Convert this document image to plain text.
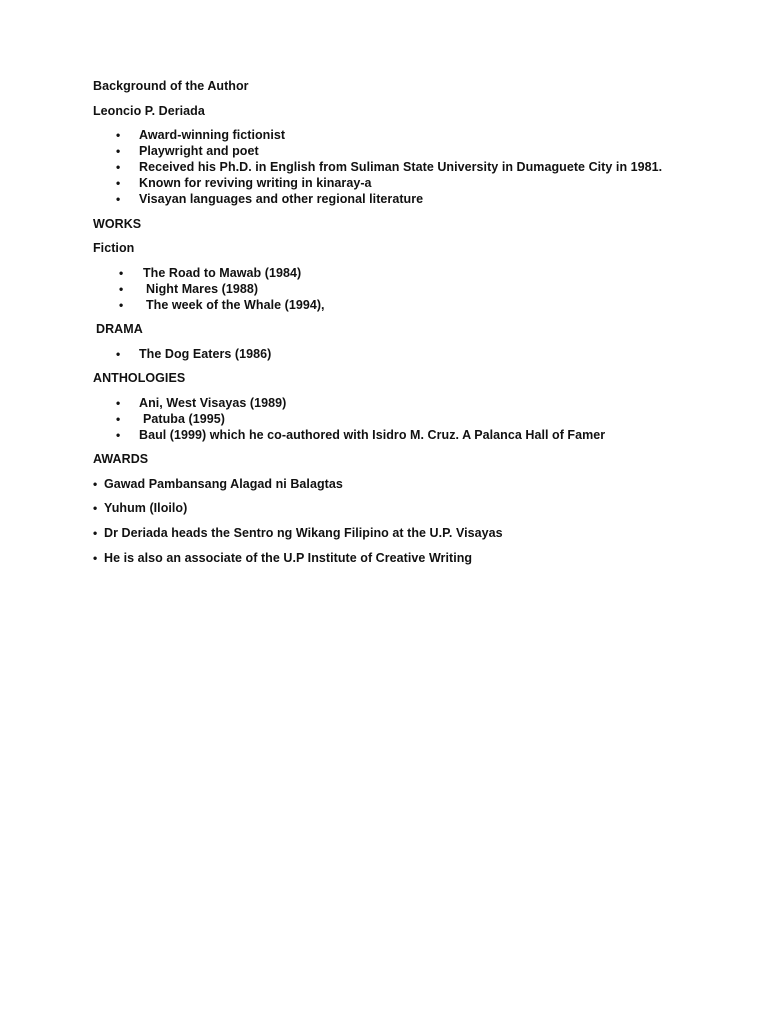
Background of the Author
Leoncio P. Deriada
• Award-winning fictionist
• Playwright and poet
• Received his Ph.D. in English from Suliman State University in Dumaguete City in 1981.
• Known for reviving writing in kinaray-a
• Visayan languages and other regional literature
WORKS
Fiction
• The Road to Mawab (1984)
• Night Mares (1988)
• The week of the Whale (1994),
DRAMA
• The Dog Eaters (1986)
ANTHOLOGIES
• Ani, West Visayas (1989)
• Patuba (1995)
• Baul (1999) which he co-authored with Isidro M. Cruz. A Palanca Hall of Famer
AWARDS
• Gawad Pambansang Alagad ni Balagtas
• Yuhum (Iloilo)
• Dr Deriada heads the Sentro ng Wikang Filipino at the U.P. Visayas
• He is also an associate of the U.P Institute of Creative Writing
